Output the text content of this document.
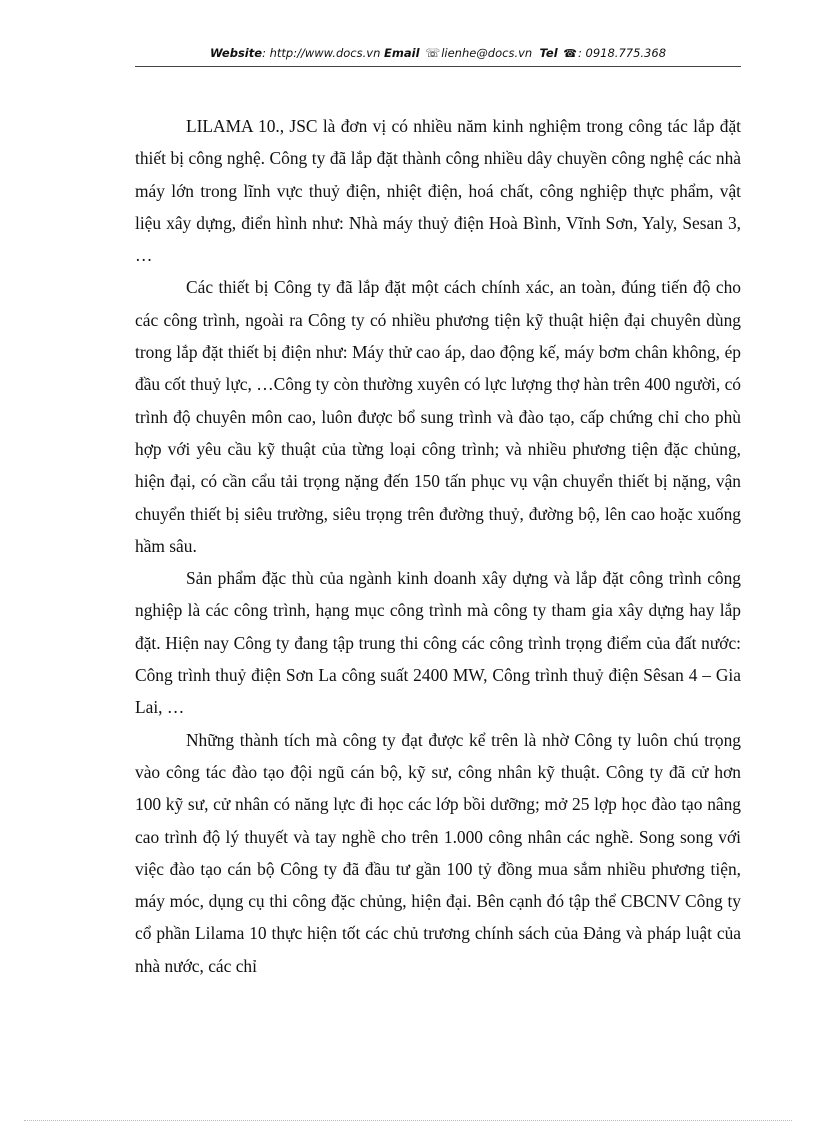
Website: http://www.docs.vn Email ☏lienhe@docs.vn Tel ☎: 0918.775.368

LILAMA 10., JSC là đơn vị có nhiều năm kinh nghiệm trong công tác lắp đặt thiết bị công nghệ. Công ty đã lắp đặt thành công nhiều dây chuyền công nghệ các nhà máy lớn trong lĩnh vực thuỷ điện, nhiệt điện, hoá chất, công nghiệp thực phẩm, vật liệu xây dựng, điển hình như: Nhà máy thuỷ điện Hoà Bình, Vĩnh Sơn, Yaly, Sesan 3, …

Các thiết bị Công ty đã lắp đặt một cách chính xác, an toàn, đúng tiến độ cho các công trình, ngoài ra Công ty có nhiều phương tiện kỹ thuật hiện đại chuyên dùng trong lắp đặt thiết bị điện như: Máy thử cao áp, dao động kế, máy bơm chân không, ép đầu cốt thuỷ lực, …Công ty còn thường xuyên có lực lượng thợ hàn trên 400 người, có trình độ chuyên môn cao, luôn được bổ sung trình và đào tạo, cấp chứng chỉ cho phù hợp với yêu cầu kỹ thuật của từng loại công trình; và nhiều phương tiện đặc chủng, hiện đại, có cần cẩu tải trọng nặng đến 150 tấn phục vụ vận chuyển thiết bị nặng, vận chuyển thiết bị siêu trường, siêu trọng trên đường thuỷ, đường bộ, lên cao hoặc xuống hầm sâu.

Sản phẩm đặc thù của ngành kinh doanh xây dựng và lắp đặt công trình công nghiệp là các công trình, hạng mục công trình mà công ty tham gia xây dựng hay lắp đặt. Hiện nay Công ty đang tập trung thi công các công trình trọng điểm của đất nước: Công trình thuỷ điện Sơn La công suất 2400 MW, Công trình thuỷ điện Sêsan 4 – Gia Lai, …

Những thành tích mà công ty đạt được kể trên là nhờ Công ty luôn chú trọng vào công tác đào tạo đội ngũ cán bộ, kỹ sư, công nhân kỹ thuật. Công ty đã cử hơn 100 kỹ sư, cử nhân có năng lực đi học các lớp bồi dưỡng; mở 25 lợp học đào tạo nâng cao trình độ lý thuyết và tay nghề cho trên 1.000 công nhân các nghề. Song song với việc đào tạo cán bộ Công ty đã đầu tư gần 100 tỷ đồng mua sắm nhiều phương tiện, máy móc, dụng cụ thi công đặc chủng, hiện đại. Bên cạnh đó tập thể CBCNV Công ty cổ phần Lilama 10 thực hiện tốt các chủ trương chính sách của Đảng và pháp luật của nhà nước, các chỉ
